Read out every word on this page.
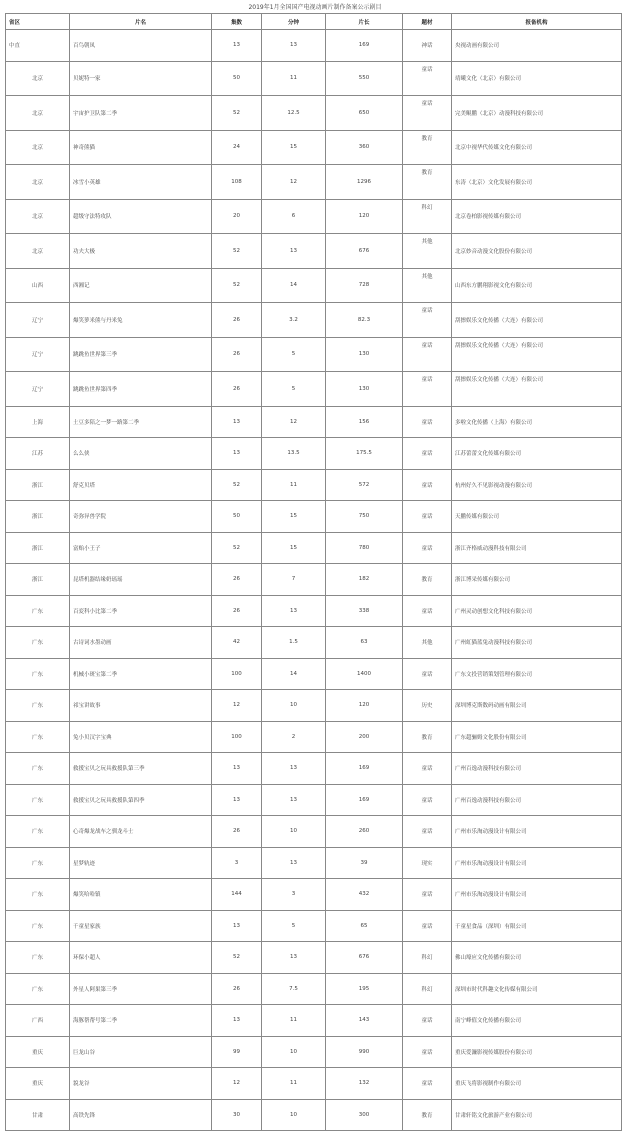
2019年1月全国国产电视动画片制作备案公示剧目
省区	片名	集数	分钟	片长	题材	报备机构
中直	百鸟朝凤	13	13	169	神话	央视动画有限公司
北京	贝妮特一家	50	11	550	童话	靖曦文化（北京）有限公司
北京	宇宙护卫队第二季	52	12.5	650	童话	完美鲲鹏（北京）动漫科技有限公司
北京	神奇熊猫	24	15	360	教育	北京中视华代传媒文化有限公司
北京	冰雪小英雄	108	12	1296	教育	东涛（北京）文化发展有限公司
北京	超级守法特攻队	20	6	120	科幻	北京卷柏影视传媒有限公司
北京	功夫大极	52	13	676	其他	北京妙音动漫文化股份有限公司
山西	西湘记	52	14	728	其他	山西东方鹏翔影视文化有限公司
辽宁	爆笑萝米熊与丹米兔	26	3.2	82.3	童话	刮擦娱乐文化传播（大连）有限公司
辽宁	跳跳鱼世界第三季	26	5	130	童话	刮擦娱乐文化传播（大连）有限公司
辽宁	跳跳鱼世界第四季	26	5	130	童话	刮擦娱乐文化传播（大连）有限公司
上海	土豆多陪之一梦一路第二季	13	12	156	童话	多啦文化传播（上海）有限公司
江苏	么么侠	13	13.5	175.5	童话	江苏蕾蕾文化传媒有限公司
浙江	舒克贝塔	52	11	572	童话	杭州好久不见影视动漫有限公司
浙江	奇弥异兽学院	50	15	750	童话	天鹏传媒有限公司
浙江	富贻小王子	52	15	780	童话	浙江齐格威动漫科技有限公司
浙江	昆塔机器结缘奶瑶瑶	26	7	182	教育	浙江博采传媒有限公司
广东	百変科小比第二季	26	13	338	童话	广州灵动创想文化科技有限公司
广东	古诗词水墨动画	42	1.5	63	其他	广州虹猫蓝兔动漫科技有限公司
广东	机械小斑宝第二季	100	14	1400	童话	广东文投营销策划管理有限公司
广东	祁宝讲故事	12	10	120	历史	深圳博克斯数码动画有限公司
广东	兔小贝汉字宝典	100	2	200	教育	广东超骊姆文化股份有限公司
广东	救援宝贝之玩具救援队第三季	13	13	169	童话	广州百逸动漫科技有限公司
广东	救援宝贝之玩具救援队第四季	13	13	169	童话	广州百逸动漫科技有限公司
广东	心奇爆龙战车之驯龙斗士	26	10	260	童话	广州市乐淘动漫设计有限公司
广东	星梦轨迹	3	13	39	现实	广州市乐淘动漫设计有限公司
广东	爆笑哈哈镇	144	3	432	童话	广州市乐淘动漫设计有限公司
广东	千童星家族	13	5	65	童话	千童星食品（深圳）有限公司
广东	环保小超人	52	13	676	科幻	佛山壕应文化传播有限公司
广东	外星人阿果第三季	26	7.5	195	科幻	深圳市时代科趣文化传媒有限公司
广西	海豚帮帮号第二季	13	11	143	童话	南宁峰值文化传播有限公司
重庆	巨龙山谷	99	10	990	童话	重庆爱濂影视传媒股份有限公司
重庆	貌龙谷	12	11	132	童话	重庆飞将影视制作有限公司
甘肃	高铁先锋	30	10	300	教育	甘肃轩铭文化旅游产业有限公司
